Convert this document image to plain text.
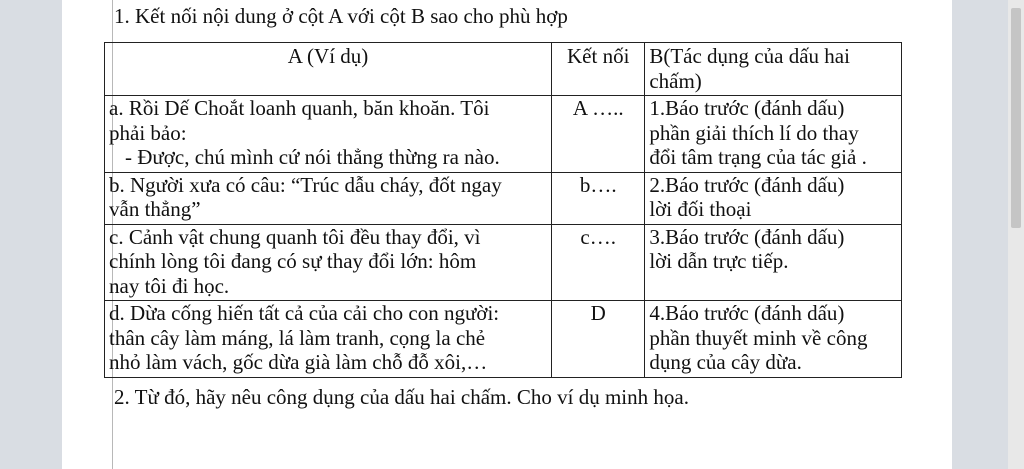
1. Kết nối nội dung ở cột A với cột B sao cho phù hợp

A (Ví dụ)	Kết nối	B(Tác dụng của dấu hai
chấm)

a. Rồi Dế Choắt loanh quanh, băn khoăn. Tôi
phải bảo:
- Được, chú mình cứ nói thẳng thừng ra nào.	A …..	1.Báo trước (đánh dấu)
phần giải thích lí do thay
đổi tâm trạng của tác giả .

b. Người xưa có câu: “Trúc dẫu cháy, đốt ngay
vẫn thẳng”	b….	2.Báo trước (đánh dấu)
lời đối thoại

c. Cảnh vật chung quanh tôi đều thay đổi, vì
chính lòng tôi đang có sự thay đổi lớn: hôm
nay tôi đi học.	c….	3.Báo trước (đánh dấu)
lời dẫn trực tiếp.

d. Dừa cống hiến tất cả của cải cho con người:
thân cây làm máng, lá làm tranh, cọng la chẻ
nhỏ làm vách, gốc dừa già làm chỗ đỗ xôi,…	D	4.Báo trước (đánh dấu)
phần thuyết minh về công
dụng của cây dừa.

2. Từ đó, hãy nêu công dụng của dấu hai chấm. Cho ví dụ minh họa.
